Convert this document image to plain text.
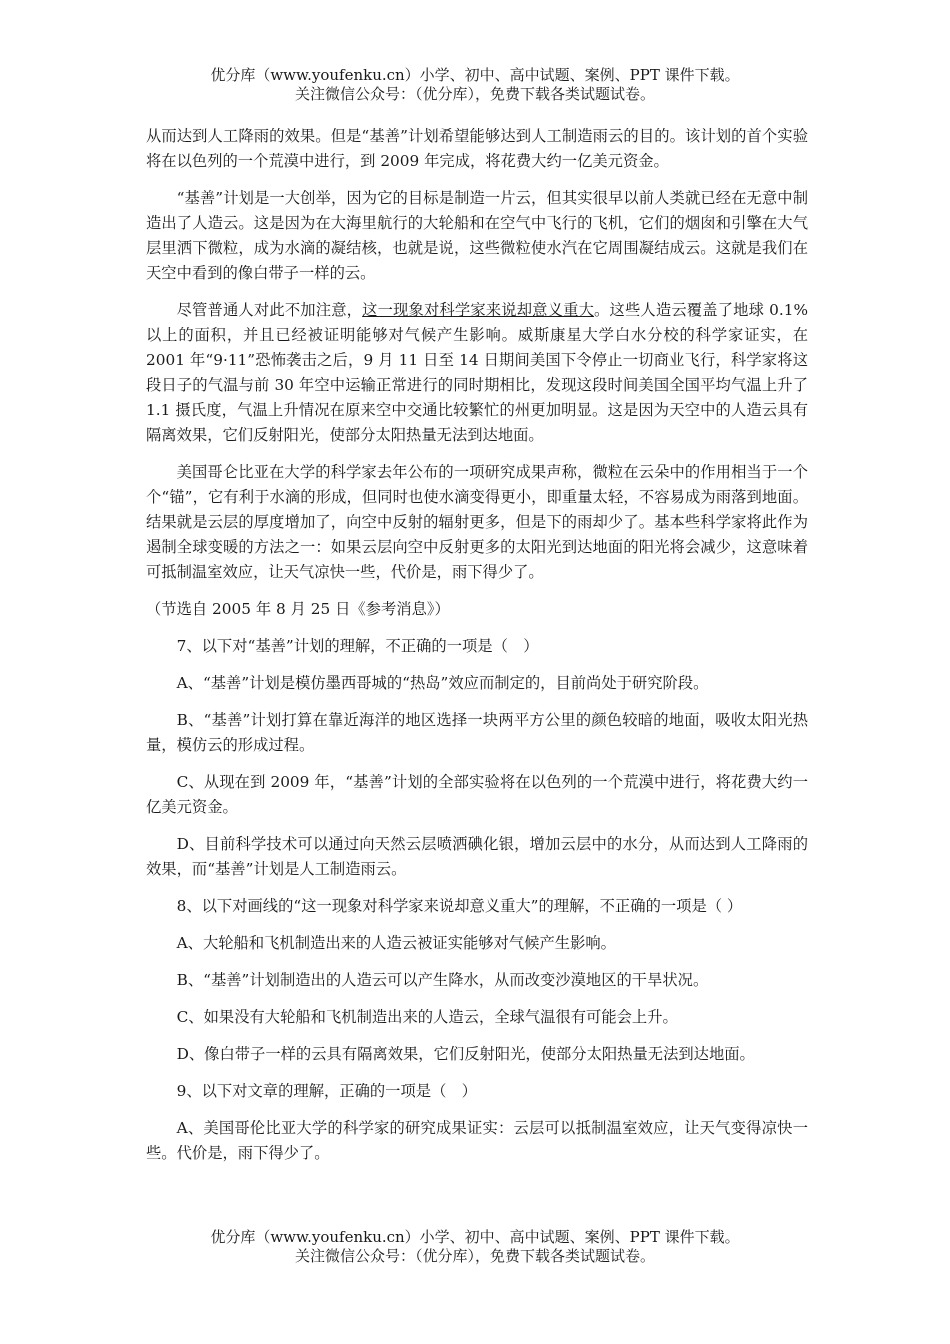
优分库（www.youfenku.cn）小学、初中、高中试题、案例、PPT 课件下载。
关注微信公众号：（优分库），免费下载各类试题试卷。

从而达到人工降雨的效果。但是“基善”计划希望能够达到人工制造雨云的目的。该计划的首个实验将在以色列的一个荒漠中进行，到 2009 年完成，将花费大约一亿美元资金。

“基善”计划是一大创举，因为它的目标是制造一片云，但其实很早以前人类就已经在无意中制造出了人造云。这是因为在大海里航行的大轮船和在空气中飞行的飞机，它们的烟囱和引擎在大气层里洒下微粒，成为水滴的凝结核，也就是说，这些微粒使水汽在它周围凝结成云。这就是我们在天空中看到的像白带子一样的云。

尽管普通人对此不加注意，这一现象对科学家来说却意义重大。这些人造云覆盖了地球 0.1%以上的面积，并且已经被证明能够对气候产生影响。威斯康星大学白水分校的科学家证实，在 2001 年“9·11”恐怖袭击之后，9 月 11 日至 14 日期间美国下令停止一切商业飞行，科学家将这段日子的气温与前 30 年空中运输正常进行的同时期相比，发现这段时间美国全国平均气温上升了 1.1 摄氏度，气温上升情况在原来空中交通比较繁忙的州更加明显。这是因为天空中的人造云具有隔离效果，它们反射阳光，使部分太阳热量无法到达地面。

美国哥仑比亚在大学的科学家去年公布的一项研究成果声称，微粒在云朵中的作用相当于一个个“锚”，它有利于水滴的形成，但同时也使水滴变得更小，即重量太轻，不容易成为雨落到地面。结果就是云层的厚度增加了，向空中反射的辐射更多，但是下的雨却少了。基本些科学家将此作为遏制全球变暖的方法之一：如果云层向空中反射更多的太阳光到达地面的阳光将会减少，这意味着可抵制温室效应，让天气凉快一些，代价是，雨下得少了。

（节选自 2005 年 8 月 25 日《参考消息》）

7、以下对“基善”计划的理解，不正确的一项是（　）

A、“基善”计划是模仿墨西哥城的“热岛”效应而制定的，目前尚处于研究阶段。

B、“基善”计划打算在靠近海洋的地区选择一块两平方公里的颜色较暗的地面，吸收太阳光热量，模仿云的形成过程。

C、从现在到 2009 年，“基善”计划的全部实验将在以色列的一个荒漠中进行，将花费大约一亿美元资金。

D、目前科学技术可以通过向天然云层喷洒碘化银，增加云层中的水分，从而达到人工降雨的效果，而“基善”计划是人工制造雨云。

8、以下对画线的“这一现象对科学家来说却意义重大”的理解，不正确的一项是（ ）

A、大轮船和飞机制造出来的人造云被证实能够对气候产生影响。

B、“基善”计划制造出的人造云可以产生降水，从而改变沙漠地区的干旱状况。

C、如果没有大轮船和飞机制造出来的人造云，全球气温很有可能会上升。

D、像白带子一样的云具有隔离效果，它们反射阳光，使部分太阳热量无法到达地面。

9、以下对文章的理解，正确的一项是（　）

A、美国哥伦比亚大学的科学家的研究成果证实：云层可以抵制温室效应，让天气变得凉快一些。代价是，雨下得少了。

优分库（www.youfenku.cn）小学、初中、高中试题、案例、PPT 课件下载。
关注微信公众号：（优分库），免费下载各类试题试卷。
